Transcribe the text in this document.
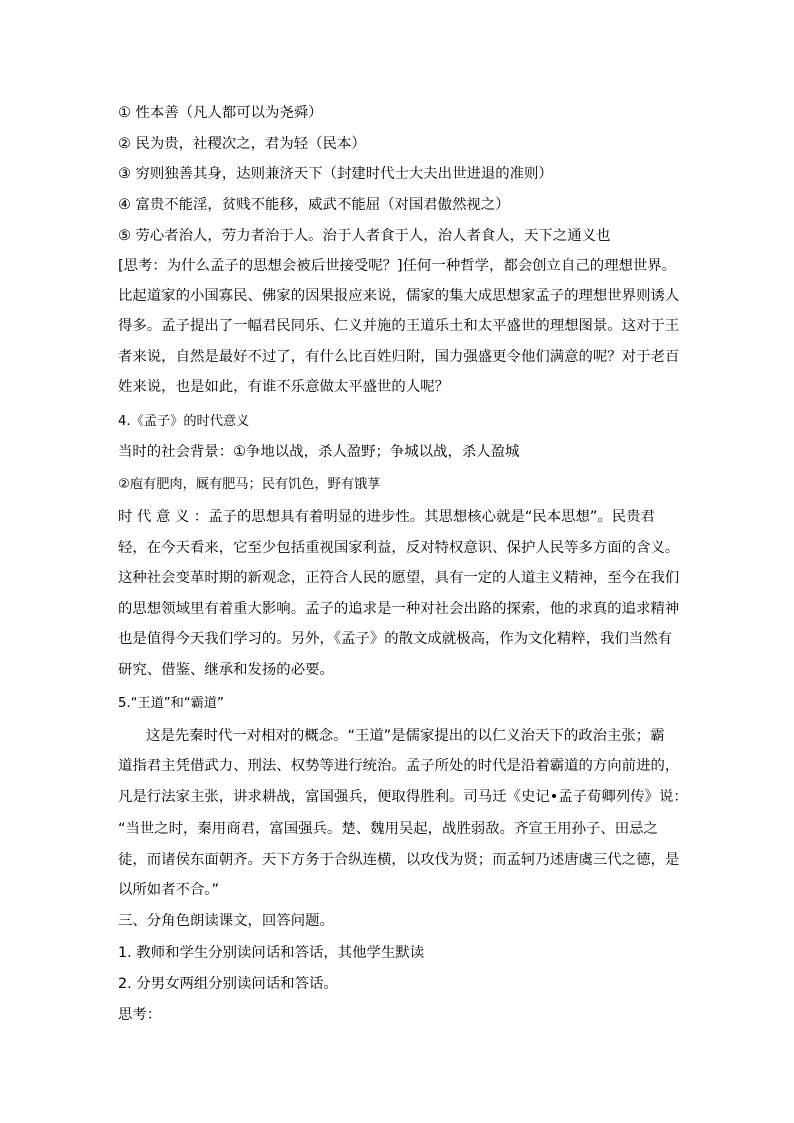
① 性本善（凡人都可以为尧舜）
② 民为贵，社稷次之，君为轻（民本）
③ 穷则独善其身，达则兼济天下（封建时代士大夫出世进退的准则）
④ 富贵不能淫，贫贱不能移，威武不能屈（对国君傲然视之）
⑤ 劳心者治人，劳力者治于人。治于人者食于人，治人者食人，天下之通义也
[思考：为什么孟子的思想会被后世接受呢？]任何一种哲学，都会创立自己的理想世界。
比起道家的小国寡民、佛家的因果报应来说，儒家的集大成思想家孟子的理想世界则诱人
得多。孟子提出了一幅君民同乐、仁义并施的王道乐土和太平盛世的理想图景。这对于王
者来说，自然是最好不过了，有什么比百姓归附，国力强盛更令他们满意的呢？对于老百
姓来说，也是如此，有谁不乐意做太平盛世的人呢？
4.《孟子》的时代意义
当时的社会背景：①争地以战，杀人盈野；争城以战，杀人盈城
②庖有肥肉，厩有肥马；民有饥色，野有饿莩
时 代 意 义 ：孟子的思想具有着明显的进步性。其思想核心就是“民本思想”。民贵君
轻，在今天看来，它至少包括重视国家利益，反对特权意识、保护人民等多方面的含义。
这种社会变革时期的新观念，正符合人民的愿望，具有一定的人道主义精神，至今在我们
的思想领域里有着重大影响。孟子的追求是一种对社会出路的探索，他的求真的追求精神
也是值得今天我们学习的。另外，《孟子》的散文成就极高，作为文化精粹，我们当然有
研究、借鉴、继承和发扬的必要。
5.“王道”和“霸道”
这是先秦时代一对相对的概念。“王道”是儒家提出的以仁义治天下的政治主张；霸
道指君主凭借武力、刑法、权势等进行统治。孟子所处的时代是沿着霸道的方向前进的，
凡是行法家主张，讲求耕战，富国强兵，便取得胜利。司马迁《史记•孟子荀卿列传》说：
“当世之时，秦用商君，富国强兵。楚、魏用吴起，战胜弱敌。齐宣王用孙子、田忌之
徒，而诸侯东面朝齐。天下方务于合纵连横，以攻伐为贤；而孟轲乃述唐虞三代之德，是
以所如者不合。”
三、分角色朗读课文，回答问题。
1. 教师和学生分别读问话和答话，其他学生默读
2. 分男女两组分别读问话和答话。
思考：
